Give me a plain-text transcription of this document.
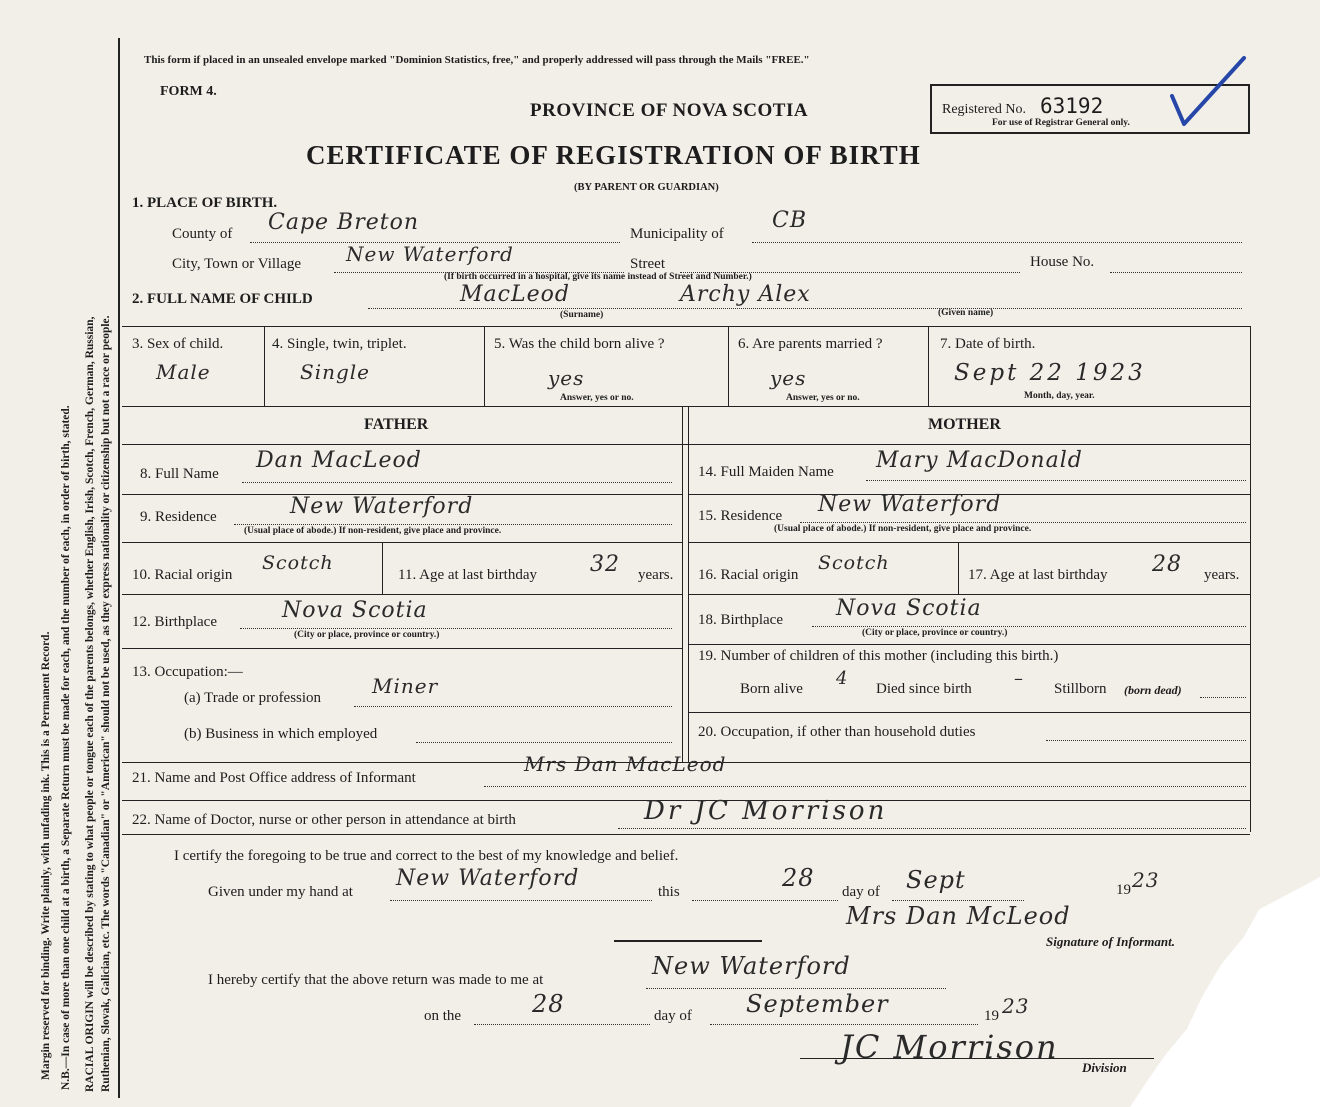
Margin reserved for binding. Write plainly, with unfading ink. This is a Permanent Record. N.B.—In case of more than one child at a birth, a Separate Return must be made for each, and the number of each, in order of birth, stated. RACIAL ORIGIN will be described by stating to what people or tongue each of the parents belongs, whether English, Irish, Scotch, French, German, Russian, Ruthenian, Slovak, Galician, etc. The words "Canadian" or "American" should not be used, as they express nationality or citizenship but not a race or people.
This form if placed in an unsealed envelope marked "Dominion Statistics, free," and properly addressed will pass through the Mails "FREE."
FORM 4.
PROVINCE OF NOVA SCOTIA
CERTIFICATE OF REGISTRATION OF BIRTH
(BY PARENT OR GUARDIAN)
Registered No. 63192
For use of Registrar General only.
1. PLACE OF BIRTH.
County of Cape Breton	Municipality of
CB
City, Town or Village New Waterford	Street	House No.
(If birth occurred in a hospital, give its name instead of Street and Number.)
2. FULL NAME OF CHILD	MacLeod	Archy Alex
(Surname)	(Given name)
3. Sex of child.
Male
4. Single, twin, triplet.
Single
5. Was the child born alive ?
yes
Answer, yes or no.
6. Are parents married ?
yes
Answer, yes or no.
7. Date of birth.
Sept 22 1923
Month, day, year.
FATHER	MOTHER
8. Full Name
Dan MacLeod
9. Residence	New Waterford
(Usual place of abode.) If non-resident, give place and province.
10. Racial origin
Scotch
11. Age at last birthday 32 years.
12. Birthplace	Nova Scotia
(City or place, province or country.)
13. Occupation:—
(a) Trade or profession	Miner
(b) Business in which employed
14. Full Maiden Name Mary MacDonald
15. Residence New Waterford
(Usual place of abode.) If non-resident, give place and province.
16. Racial origin
Scotch
17. Age at last birthday 28 years.
18. Birthplace Nova Scotia
(City or place, province or country.)
19. Number of children of this mother (including this birth.)
Born alive 4 Died since birth – Stillborn (born dead)
20. Occupation, if other than household duties
21. Name and Post Office address of Informant
Mrs Dan MacLeod
22. Name of Doctor, nurse or other person in attendance at birth	Dr JC Morrison
I certify the foregoing to be true and correct to the best of my knowledge and belief.
Given under my hand at
New Waterford
this	28 day of Sept	19 23
Mrs Dan McLeod
Signature of Informant.
I hereby certify that the above return was made to me at	New Waterford
on the	28	day of September	19 23
JC Morrison
Division
